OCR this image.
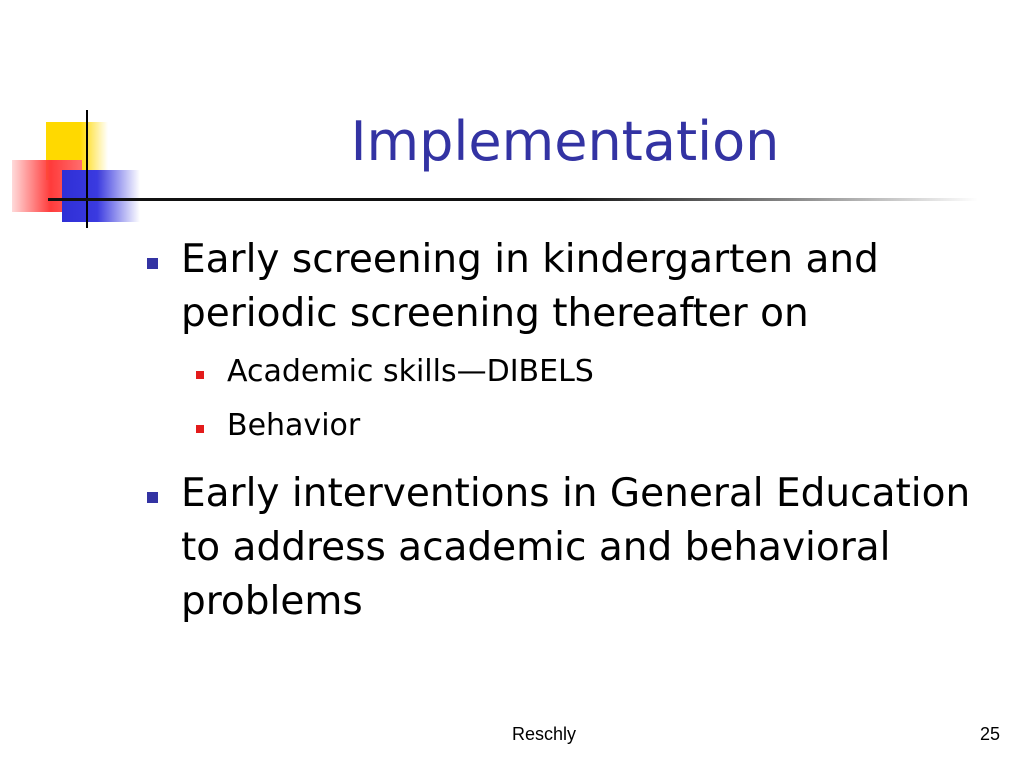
Implementation
Early screening in kindergarten and periodic screening thereafter on
Academic skills—DIBELS
Behavior
Early interventions in General Education to address academic and behavioral problems
Reschly	25
